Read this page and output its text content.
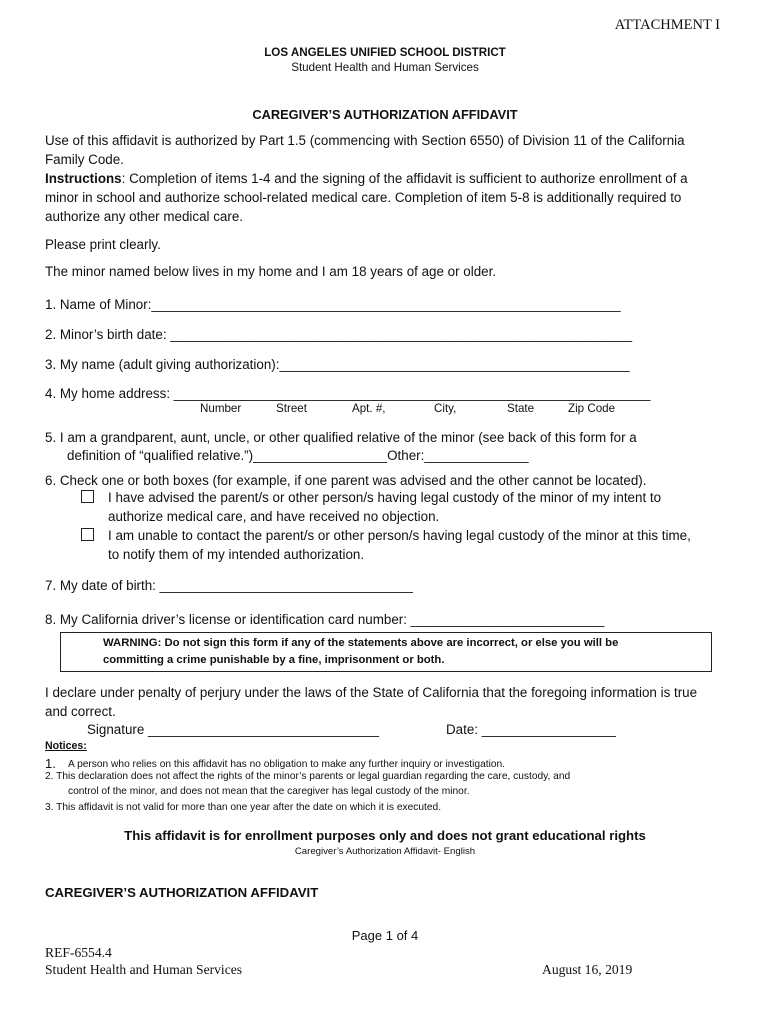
ATTACHMENT I
LOS ANGELES UNIFIED SCHOOL DISTRICT
Student Health and Human Services
CAREGIVER’S AUTHORIZATION AFFIDAVIT
Use of this affidavit is authorized by Part 1.5 (commencing with Section 6550) of Division 11 of the California
Family Code.
Instructions: Completion of items 1-4 and the signing of the affidavit is sufficient to authorize enrollment of a
minor in school and authorize school-related medical care. Completion of item 5-8 is additionally required to
authorize any other medical care.
Please print clearly.
The minor named below lives in my home and I am 18 years of age or older.
1. Name of Minor:_______________________________________________________________
2. Minor’s birth date: ______________________________________________________________
3. My name (adult giving authorization):_______________________________________________
4. My home address: ________________________________________________________________
Number	Street	Apt. #,	City,	State	Zip Code
5. I am a grandparent, aunt, uncle, or other qualified relative of the minor (see back of this form for a
definition of “qualified relative.”)__________________Other:______________
6. Check one or both boxes (for example, if one parent was advised and the other cannot be located).
I have advised the parent/s or other person/s having legal custody of the minor of my intent to
authorize medical care, and have received no objection.
I am unable to contact the parent/s or other person/s having legal custody of the minor at this time,
to notify them of my intended authorization.
7. My date of birth: __________________________________
8. My California driver’s license or identification card number: __________________________
WARNING: Do not sign this form if any of the statements above are incorrect, or else you will be
committing a crime punishable by a fine, imprisonment or both.
I declare under penalty of perjury under the laws of the State of California that the foregoing information is true
and correct.
Signature _______________________________	Date: __________________
Notices:
1. A person who relies on this affidavit has no obligation to make any further inquiry or investigation.
2. This declaration does not affect the rights of the minor’s parents or legal guardian regarding the care, custody, and
control of the minor, and does not mean that the caregiver has legal custody of the minor.
3. This affidavit is not valid for more than one year after the date on which it is executed.
This affidavit is for enrollment purposes only and does not grant educational rights
Caregiver’s Authorization Affidavit- English
CAREGIVER’S AUTHORIZATION AFFIDAVIT
Page 1 of 4
REF-6554.4
Student Health and Human Services	August 16, 2019
